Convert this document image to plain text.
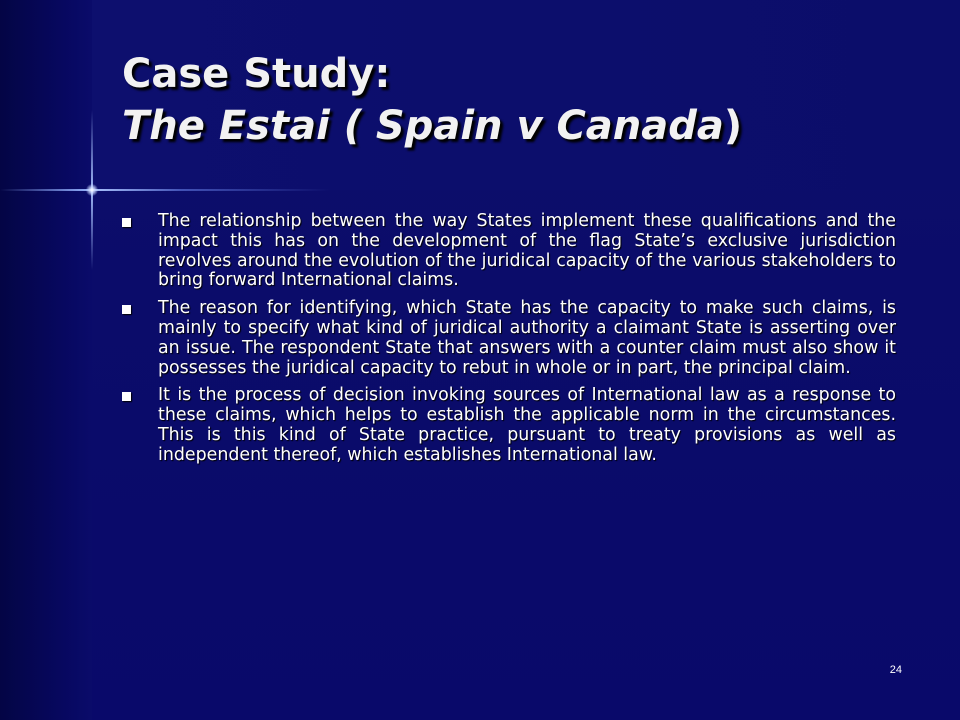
Case Study:
The Estai ( Spain v Canada)
The relationship between the way States implement these qualifications and the impact this has on the development of the flag State’s exclusive jurisdiction revolves around the evolution of the juridical capacity of the various stakeholders to bring forward International claims.
The reason for identifying, which State has the capacity to make such claims, is mainly to specify what kind of juridical authority a claimant State is asserting over an issue. The respondent State that answers with a counter claim must also show it possesses the juridical capacity to rebut in whole or in part, the principal claim.
It is the process of decision invoking sources of International law as a response to these claims, which helps to establish the applicable norm in the circumstances. This is this kind of State practice, pursuant to treaty provisions as well as independent thereof, which establishes International law.
24
